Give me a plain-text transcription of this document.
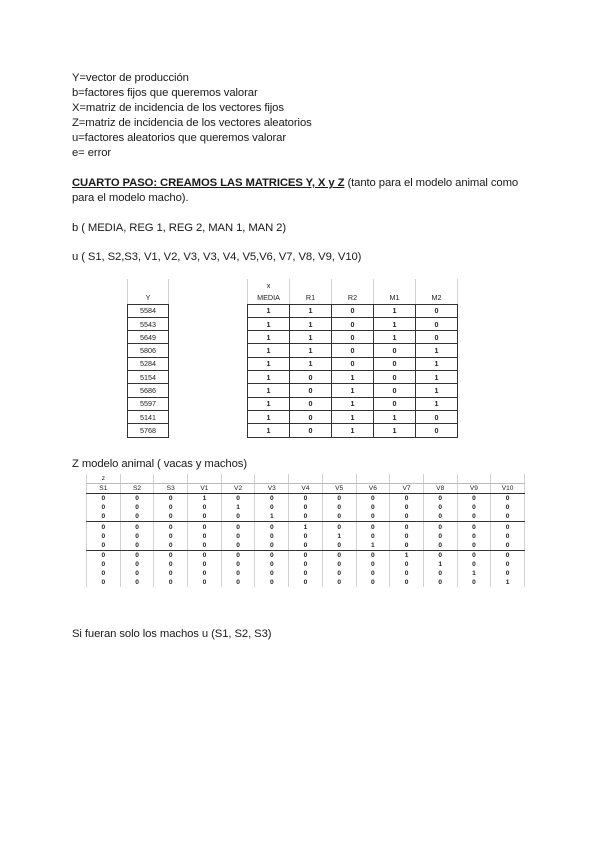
Y=vector de producción
b=factores fijos que queremos valorar
X=matriz de incidencia de los vectores fijos
Z=matriz de incidencia de los vectores aleatorios
u=factores aleatorios que queremos valorar
e= error
CUARTO PASO: CREAMOS LAS MATRICES Y, X y Z (tanto para el modelo animal como para el modelo macho).
b ( MEDIA, REG 1, REG 2, MAN 1, MAN 2)
u ( S1, S2,S3, V1, V2, V3, V3, V4, V5,V6, V7, V8, V9, V10)

Y
5584
5543
5649
5806
5284
5154
5686
5597
5141
5768
x				
MEDIA	R1	R2	M1	M2
1	1	0	1	0
1	1	0	1	0
1	1	0	1	0
1	1	0	0	1
1	1	0	0	1
1	0	1	0	1
1	0	1	0	1
1	0	1	0	1
1	0	1	1	0
1	0	1	1	0
Z modelo animal ( vacas y machos)
z												
S1	S2	S3	V1	V2	V3	V4	V5	V6	V7	V8	V9	V10
0	0	0	1	0	0	0	0	0	0	0	0	0
0	0	0	0	1	0	0	0	0	0	0	0	0
0	0	0	0	0	1	0	0	0	0	0	0	0
0	0	0	0	0	0	1	0	0	0	0	0	0
0	0	0	0	0	0	0	1	0	0	0	0	0
0	0	0	0	0	0	0	0	1	0	0	0	0
0	0	0	0	0	0	0	0	0	1	0	0	0
0	0	0	0	0	0	0	0	0	0	1	0	0
0	0	0	0	0	0	0	0	0	0	0	1	0
0	0	0	0	0	0	0	0	0	0	0	0	1
Si fueran solo los machos u (S1, S2, S3)
